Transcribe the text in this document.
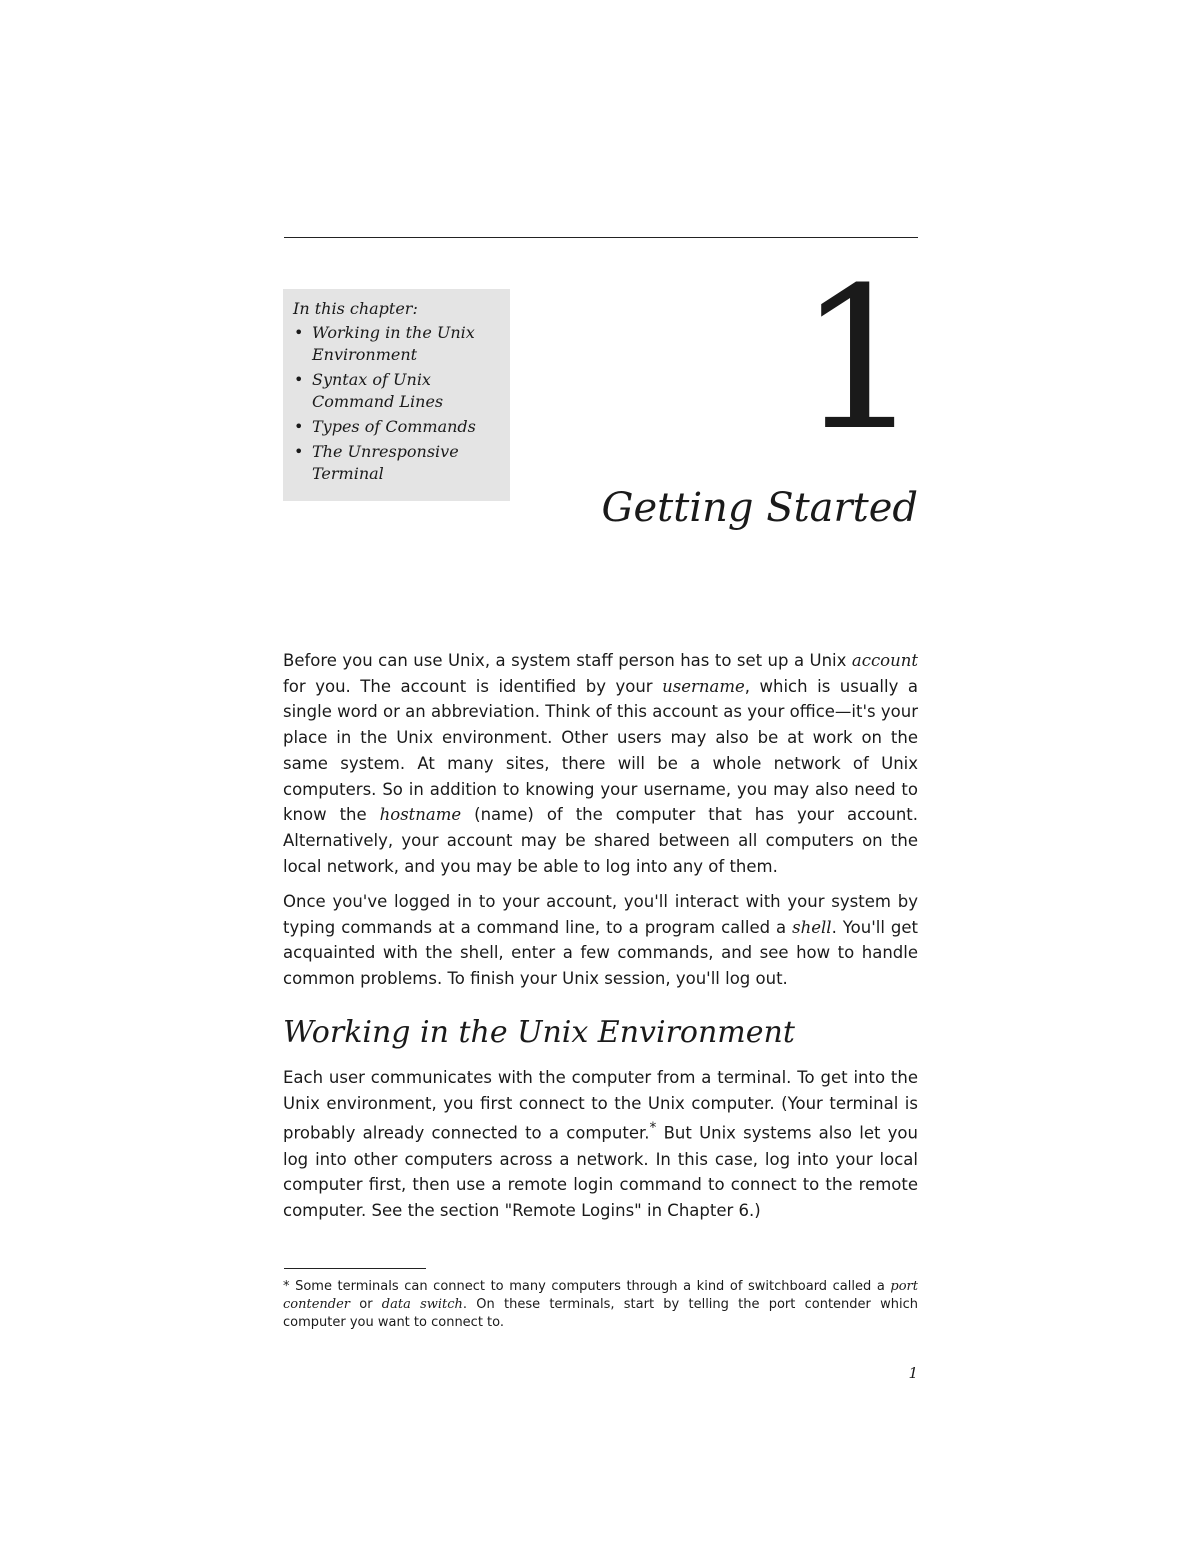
In this chapter:
• Working in the Unix Environment
• Syntax of Unix Command Lines
• Types of Commands
• The Unresponsive Terminal	1
Getting Started

Before you can use Unix, a system staff person has to set up a Unix account for you. The account is identified by your username, which is usually a single word or an abbreviation. Think of this account as your office—it's your place in the Unix environment. Other users may also be at work on the same system. At many sites, there will be a whole network of Unix computers. So in addition to knowing your username, you may also need to know the hostname (name) of the computer that has your account. Alternatively, your account may be shared between all computers on the local network, and you may be able to log into any of them.

Once you've logged in to your account, you'll interact with your system by typing commands at a command line, to a program called a shell. You'll get acquainted with the shell, enter a few commands, and see how to handle common problems. To finish your Unix session, you'll log out.

Working in the Unix Environment

Each user communicates with the computer from a terminal. To get into the Unix environment, you first connect to the Unix computer. (Your terminal is probably already connected to a computer.* But Unix systems also let you log into other computers across a network. In this case, log into your local computer first, then use a remote login command to connect to the remote computer. See the section "Remote Logins" in Chapter 6.)

* Some terminals can connect to many computers through a kind of switchboard called a port contender or data switch. On these terminals, start by telling the port contender which computer you want to connect to.

1
